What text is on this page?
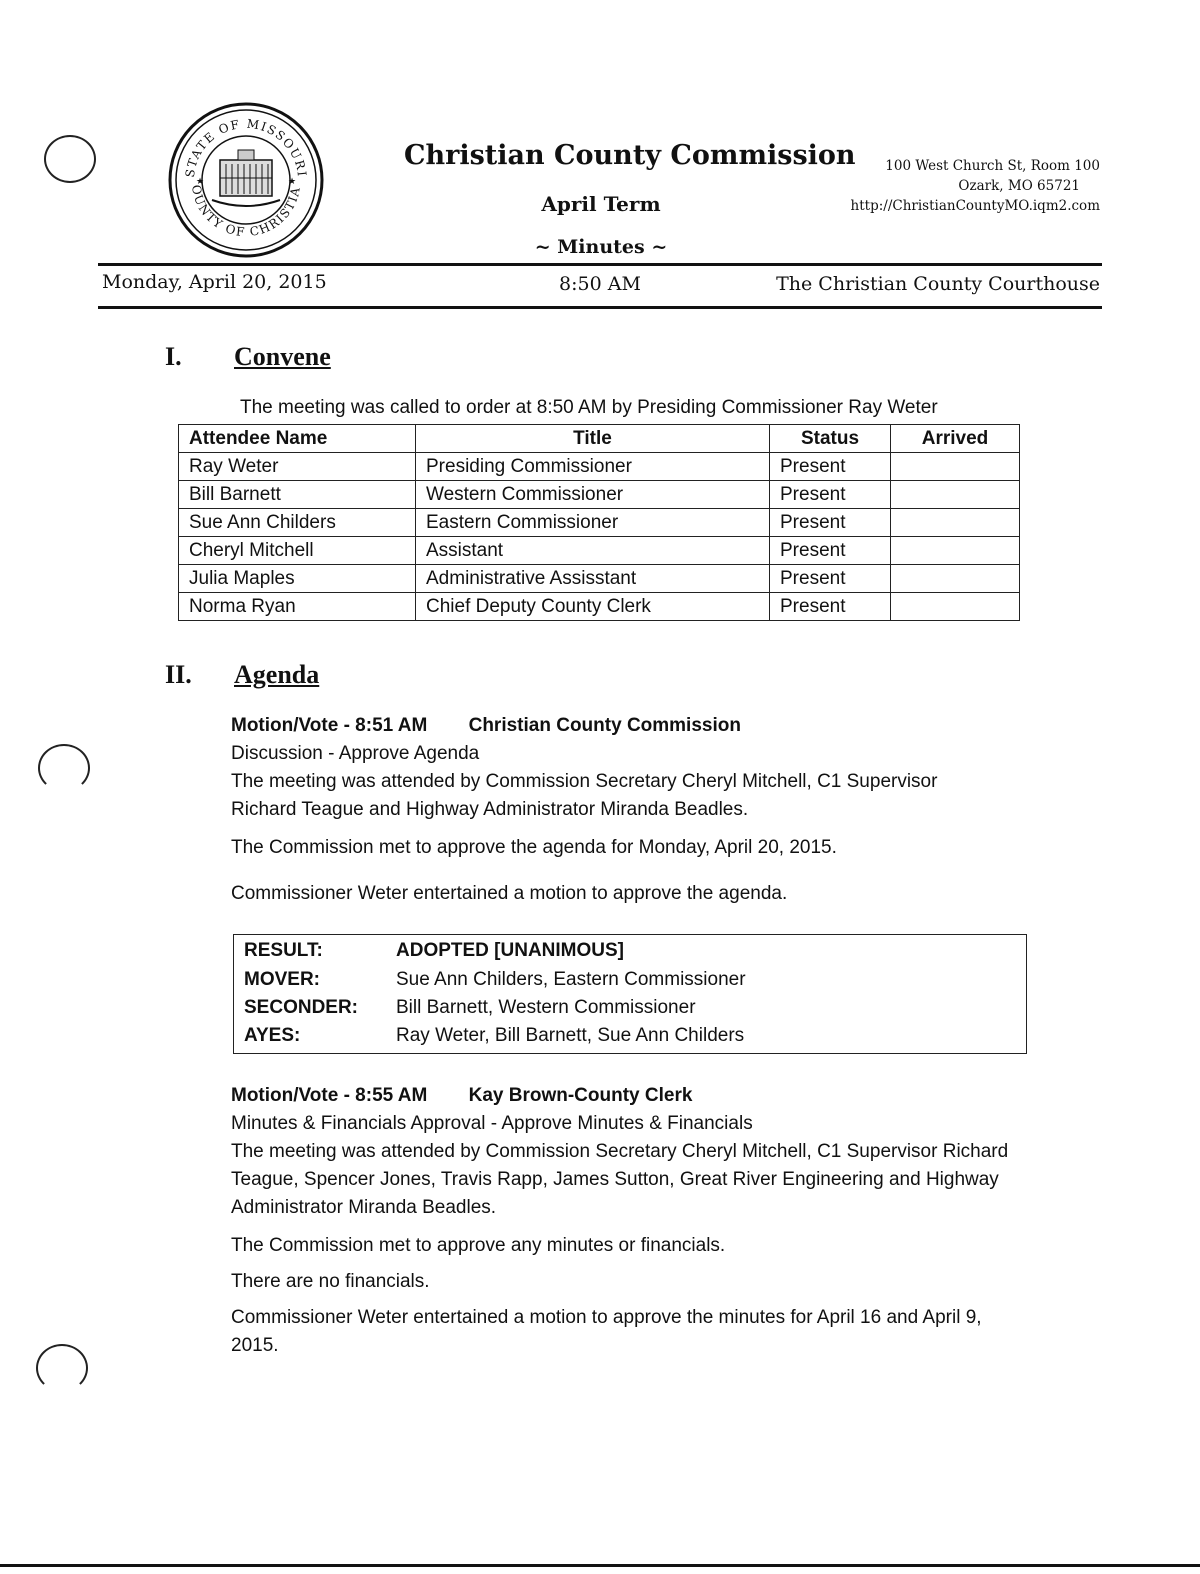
STATE OF MISSOURI
OUNTY OF CHRISTIA
★	★
Christian County Commission
April Term
~ Minutes ~
100 West Church St, Room 100
Ozark, MO 65721
http://ChristianCountyMO.iqm2.com
Monday, April 20, 2015	8:50 AM	The Christian County Courthouse
I. Convene
The meeting was called to order at 8:50 AM by Presiding Commissioner Ray Weter
Attendee Name	Title	Status	Arrived
Ray Weter	Presiding Commissioner	Present	
Bill Barnett	Western Commissioner	Present	
Sue Ann Childers	Eastern Commissioner	Present	
Cheryl Mitchell	Assistant	Present	
Julia Maples	Administrative Assisstant	Present	
Norma Ryan	Chief Deputy County Clerk	Present	
II. Agenda
Motion/Vote - 8:51 AM Christian County Commission
Discussion - Approve Agenda
The meeting was attended by Commission Secretary Cheryl Mitchell, C1 Supervisor Richard Teague and Highway Administrator Miranda Beadles.
The Commission met to approve the agenda for Monday, April 20, 2015.
Commissioner Weter entertained a motion to approve the agenda.
RESULT:	ADOPTED [UNANIMOUS]
MOVER:	Sue Ann Childers, Eastern Commissioner
SECONDER: Bill Barnett, Western Commissioner
AYES:	Ray Weter, Bill Barnett, Sue Ann Childers
Motion/Vote - 8:55 AM Kay Brown-County Clerk
Minutes & Financials Approval - Approve Minutes & Financials
The meeting was attended by Commission Secretary Cheryl Mitchell, C1 Supervisor Richard Teague, Spencer Jones, Travis Rapp, James Sutton, Great River Engineering and Highway Administrator Miranda Beadles.
The Commission met to approve any minutes or financials.
There are no financials.
Commissioner Weter entertained a motion to approve the minutes for April 16 and April 9, 2015.
